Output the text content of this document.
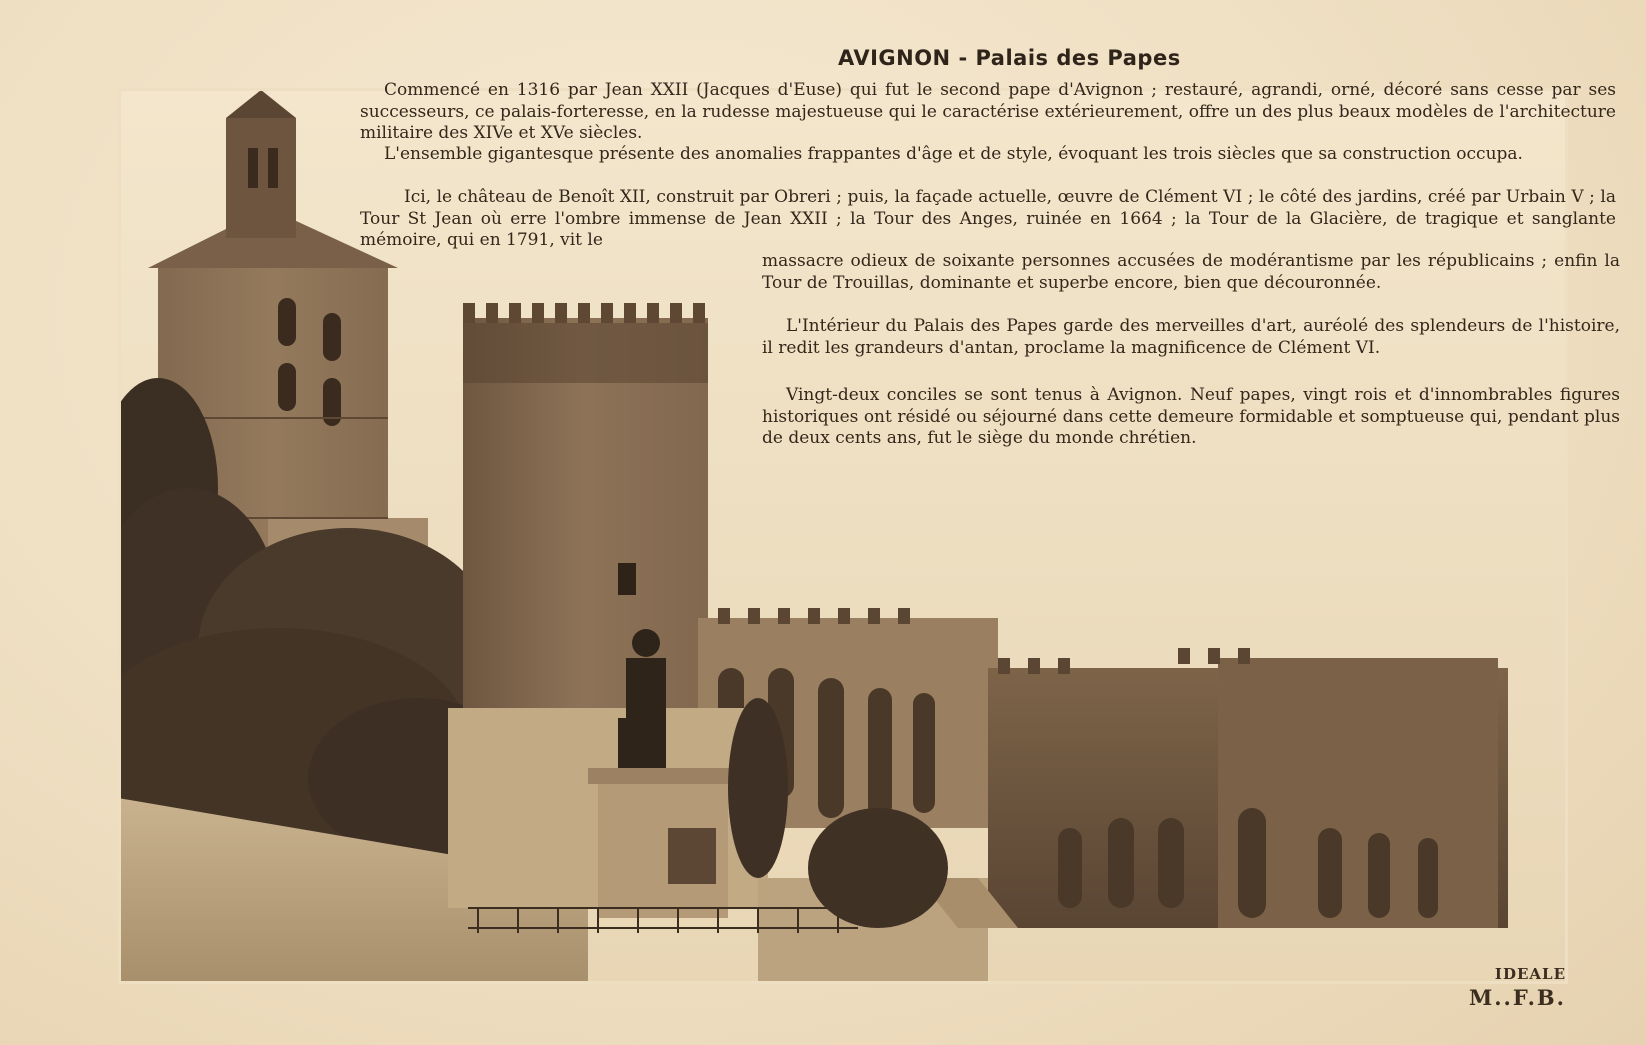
AVIGNON - Palais des Papes

Commencé en 1316 par Jean XXII (Jacques d'Euse) qui fut le second pape d'Avignon ; restauré, agrandi, orné, décoré sans cesse par ses successeurs, ce palais-forteresse, en la rudesse majestueuse qui le caractérise extérieurement, offre un des plus beaux modèles de l'architecture militaire des XIVe et XVe siècles.

L'ensemble gigantesque présente des anomalies frappantes d'âge et de style, évoquant les trois siècles que sa construction occupa.

Ici, le château de Benoît XII, construit par Obreri ; puis, la façade actuelle, œuvre de Clément VI ; le côté des jardins, créé par Urbain V ; la Tour St Jean où erre l'ombre immense de Jean XXII ; la Tour des Anges, ruinée en 1664 ; la Tour de la Glacière, de tragique et sanglante mémoire, qui en 1791, vit le

massacre odieux de soixante personnes accusées de modérantisme par les républicains ; enfin la Tour de Trouillas, dominante et superbe encore, bien que découronnée.

L'Intérieur du Palais des Papes garde des merveilles d'art, auréolé des splendeurs de l'histoire, il redit les grandeurs d'antan, proclame la magnificence de Clément VI.

Vingt-deux conciles se sont tenus à Avignon. Neuf papes, vingt rois et d'innombrables figures historiques ont résidé ou séjourné dans cette demeure formidable et somptueuse qui, pendant plus de deux cents ans, fut le siège du monde chrétien.

IDEALE
M..F.B.
